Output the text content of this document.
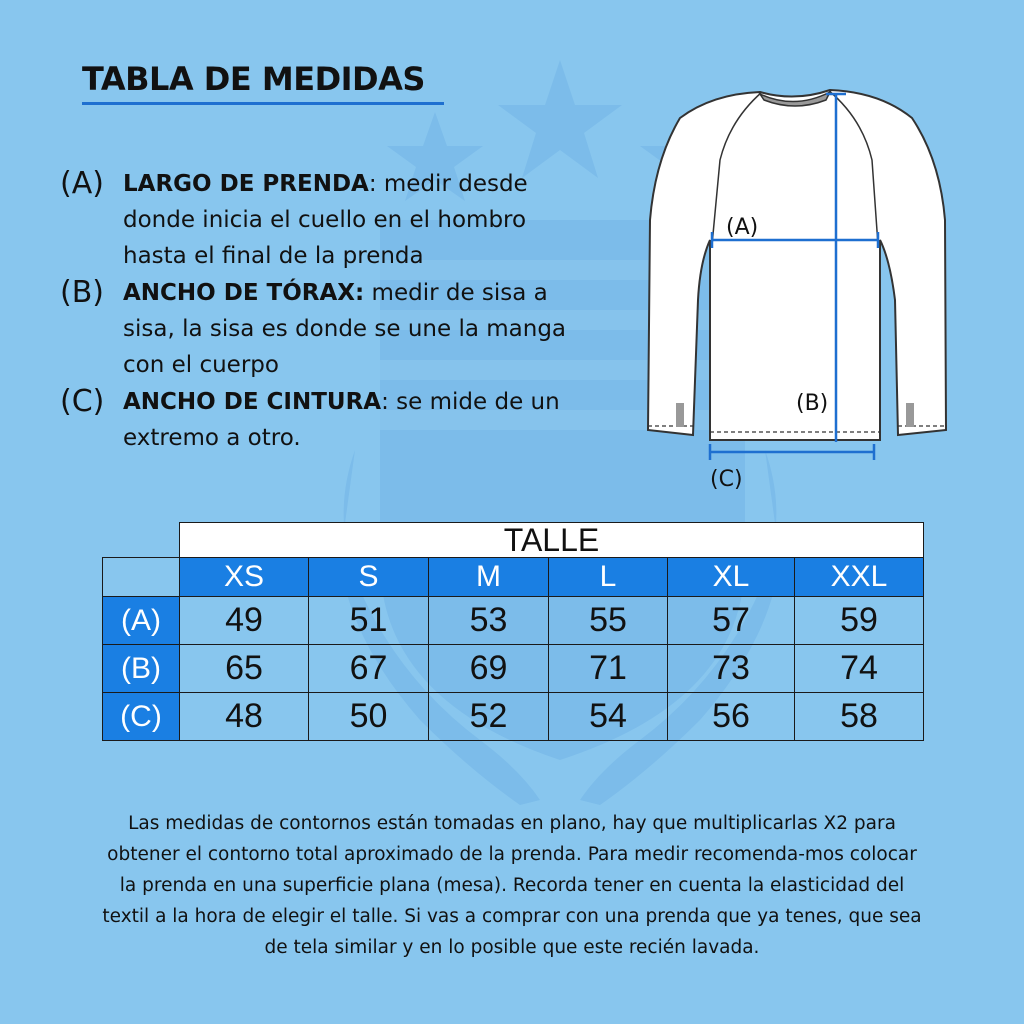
TABLA DE MEDIDAS
(A) LARGO DE PRENDA: medir desde donde inicia el cuello en el hombro hasta el final de la prenda
(B) ANCHO DE TÓRAX: medir de sisa a sisa, la sisa es donde se une la manga con el cuerpo
(C) ANCHO DE CINTURA: se mide de un extremo a otro.
(A)
(B)
(C)
	TALLE					
	XS	S	M	L	XL	XXL
(A)	49	51	53	55	57	59
(B)	65	67	69	71	73	74
(C)	48	50	52	54	56	58

Las medidas de contornos están tomadas en plano, hay que multiplicarlas X2 para obtener el contorno total aproximado de la prenda. Para medir recomenda-mos colocar la prenda en una superficie plana (mesa). Recorda tener en cuenta la elasticidad del textil a la hora de elegir el talle. Si vas a comprar con una prenda que ya tenes, que sea de tela similar y en lo posible que este recién lavada.
